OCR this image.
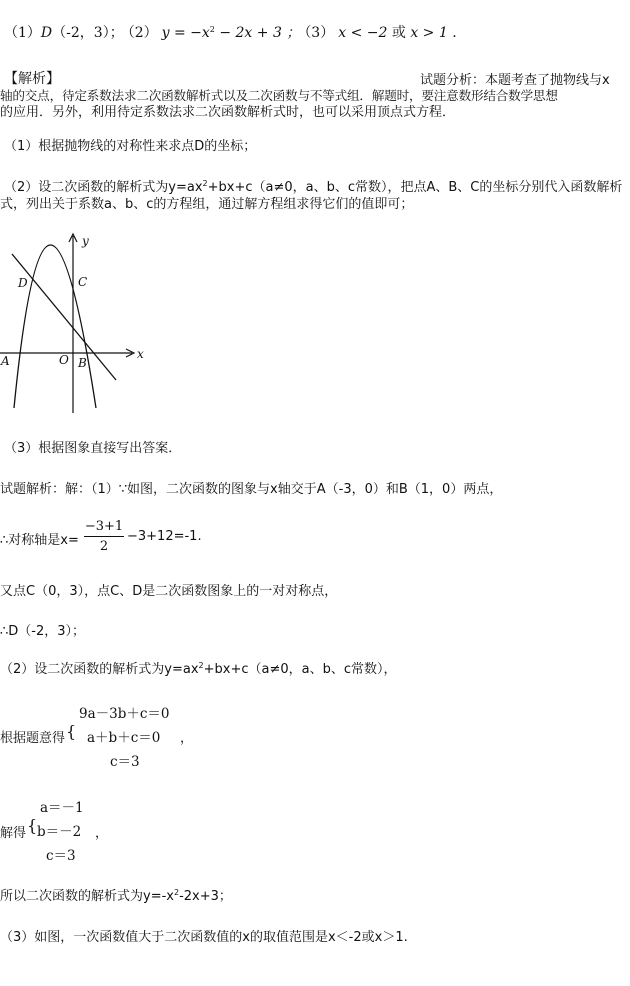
（1）D（-2，3）； （2） $y = -x^2 - 2x + 3$ ； （3） x < −2 或 x > 1 .
【解析】	试题分析：本题考查了抛物线与x
轴的交点，待定系数法求二次函数解析式以及二次函数与不等式组．解题时，要注意数形结合数学思想
的应用．另外，利用待定系数法求二次函数解析式时，也可以采用顶点式方程．
（1）根据抛物线的对称性来求点D的坐标；
（2）设二次函数的解析式为$y=ax^2+bx+c(a\ne 0$，a、b、c常数），把点A、B、C的坐标分别代入函数解析
式，列出关于系数a、b、c的方程组，通过解方程组求得它们的值即可；
y
x
D	C
A	O B
（3）根据图象直接写出答案．
试题解析：解：（1）∵如图，二次函数的图象与x轴交于A（-3，0）和B（1，0）两点，
∴对称轴是x=
−3+1
2
−3+12=-1.
又点C（0，3），点C、D是二次函数图象上的一对对称点，
∴D（-2，3）；
（2）设二次函数的解析式为$y=ax^2+bx+c(a\ne 0$，a、b、c常数），
9a－3b＋c＝0
根据题意得 { a＋b＋c＝0 ，
c＝3
a＝－1
解得 { b＝－2 ，
c＝3
所以二次函数的解析式为$y=-x^2-2x+3$；
（3）如图，一次函数值大于二次函数值的x的取值范围是x＜-2或x＞1.
